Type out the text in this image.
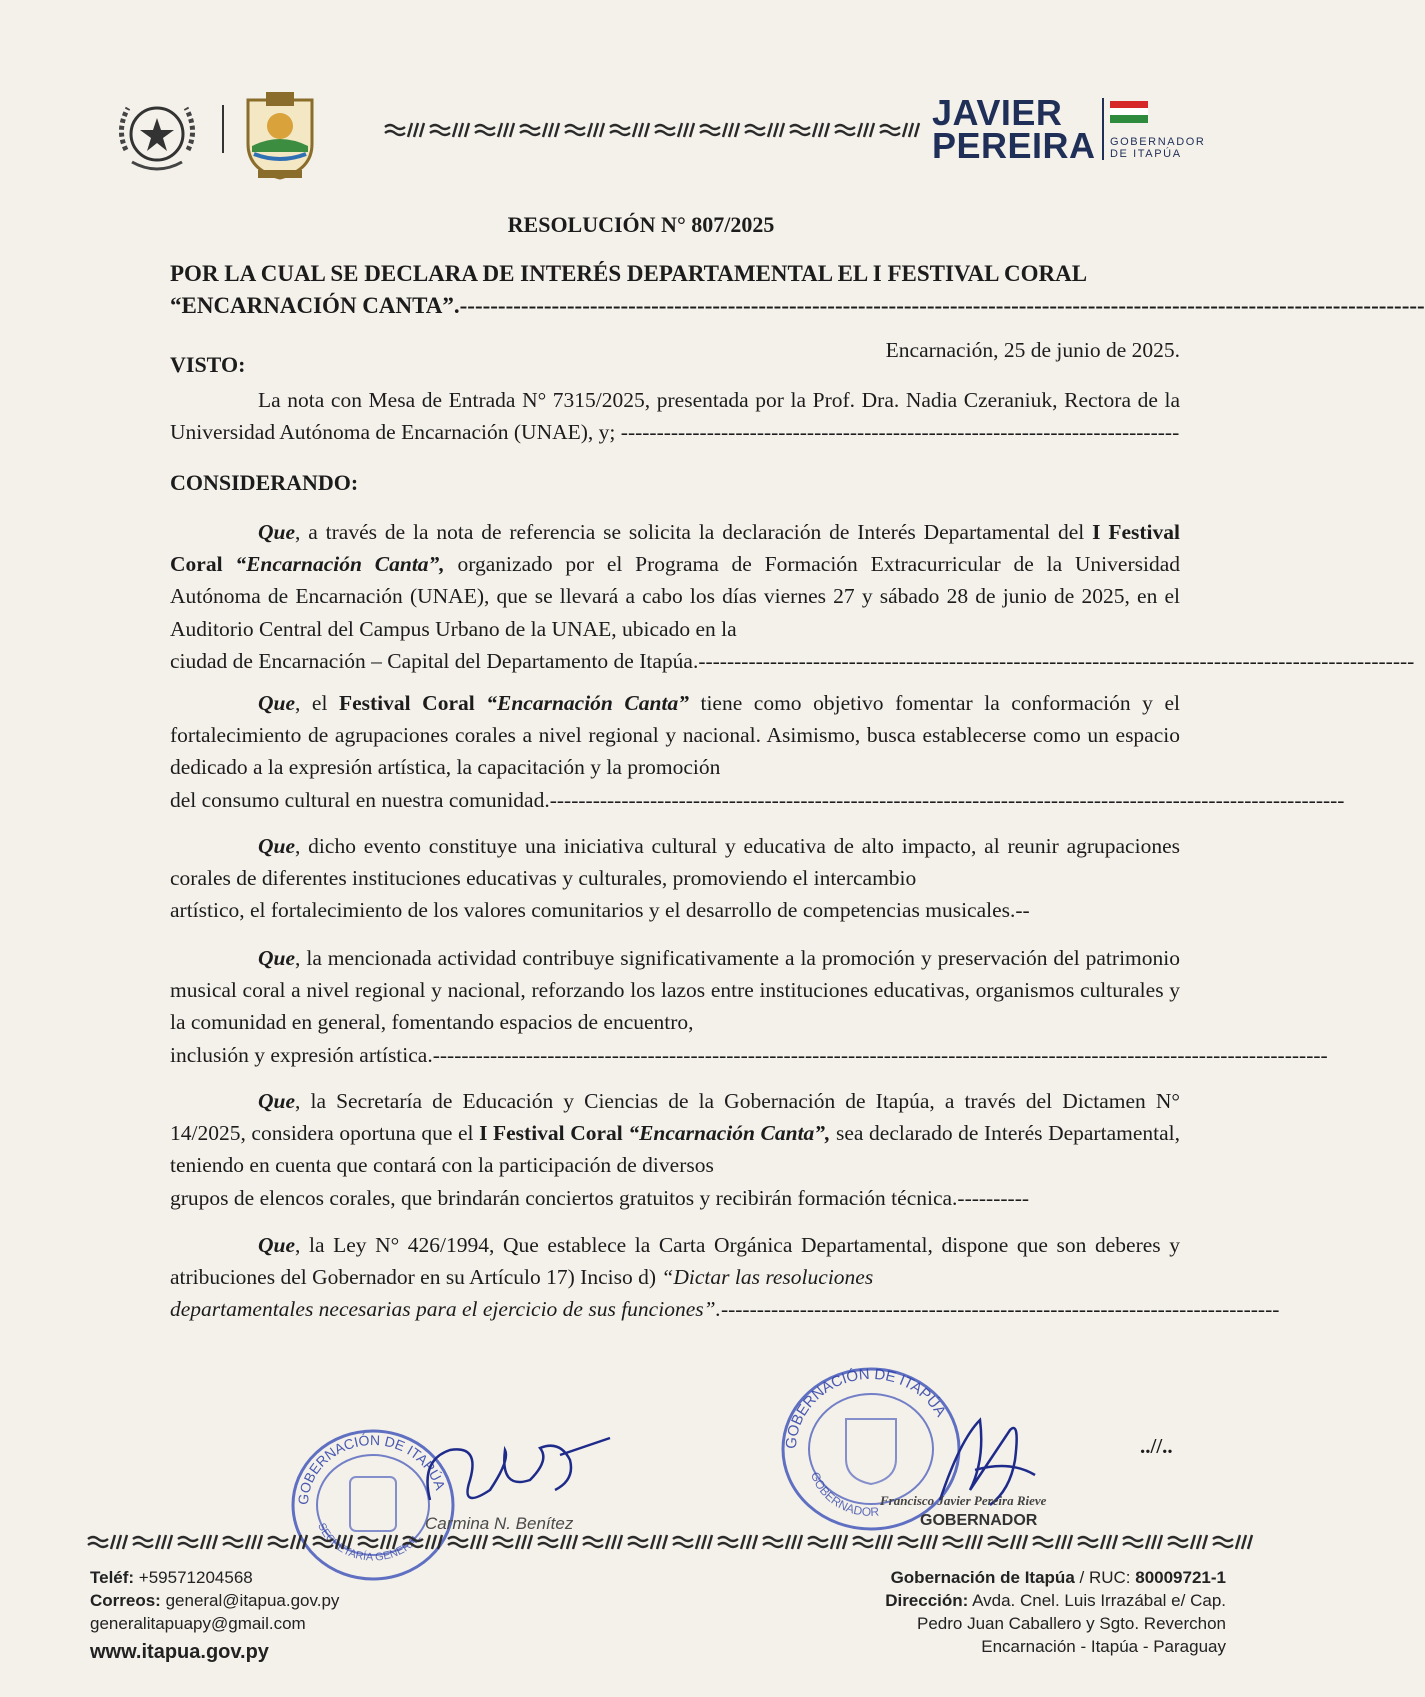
JAVIER
PEREIRA GOBERNADOR
DE ITAPÚA
RESOLUCIÓN N° 807/2025
POR LA CUAL SE DECLARA DE INTERÉS DEPARTAMENTAL EL I FESTIVAL CORAL
“ENCARNACIÓN CANTA”.------------------------------------------------------------------------------------------------------------------------------
Encarnación, 25 de junio de 2025.
VISTO:
La nota con Mesa de Entrada N° 7315/2025, presentada por la Prof. Dra. Nadia Czeraniuk, Rectora de la Universidad Autónoma de Encarnación (UNAE), y; ------------------------------------------------------------------------------
CONSIDERANDO:
Que, a través de la nota de referencia se solicita la declaración de Interés Departamental del I Festival Coral “Encarnación Canta”, organizado por el Programa de Formación Extracurricular de la Universidad Autónoma de Encarnación (UNAE), que se llevará a cabo los días viernes 27 y sábado 28 de junio de 2025, en el Auditorio Central del Campus Urbano de la UNAE, ubicado en la
ciudad de Encarnación – Capital del Departamento de Itapúa.----------------------------------------------------------------------------------------------------
Que, el Festival Coral “Encarnación Canta” tiene como objetivo fomentar la conformación y el fortalecimiento de agrupaciones corales a nivel regional y nacional. Asimismo, busca establecerse como un espacio dedicado a la expresión artística, la capacitación y la promoción
del consumo cultural en nuestra comunidad.---------------------------------------------------------------------------------------------------------------
Que, dicho evento constituye una iniciativa cultural y educativa de alto impacto, al reunir agrupaciones corales de diferentes instituciones educativas y culturales, promoviendo el intercambio
artístico, el fortalecimiento de los valores comunitarios y el desarrollo de competencias musicales.--
Que, la mencionada actividad contribuye significativamente a la promoción y preservación del patrimonio musical coral a nivel regional y nacional, reforzando los lazos entre instituciones educativas, organismos culturales y la comunidad en general, fomentando espacios de encuentro,
inclusión y expresión artística.-----------------------------------------------------------------------------------------------------------------------------
Que, la Secretaría de Educación y Ciencias de la Gobernación de Itapúa, a través del Dictamen N° 14/2025, considera oportuna que el I Festival Coral “Encarnación Canta”, sea declarado de Interés Departamental, teniendo en cuenta que contará con la participación de diversos
grupos de elencos corales, que brindarán conciertos gratuitos y recibirán formación técnica.----------
Que, la Ley N° 426/1994, Que establece la Carta Orgánica Departamental, dispone que son deberes y atribuciones del Gobernador en su Artículo 17) Inciso d) “Dictar las resoluciones
departamentales necesarias para el ejercicio de sus funciones”.------------------------------------------------------------------------------
..//..
GOBERNACIÓN DE ITAPÚA
SECRETARÍA GENERAL
Carmina N. Benítez
GOBERNACIÓN DE ITAPÚA
GOBERNADOR
Francisco Javier Pereira Rieve
GOBERNADOR
Teléf: +59571204568
Correos: general@itapua.gov.py
generalitapuapy@gmail.com
www.itapua.gov.py
Gobernación de Itapúa / RUC: 80009721-1
Dirección: Avda. Cnel. Luis Irrazábal e/ Cap.
Pedro Juan Caballero y Sgto. Reverchon
Encarnación - Itapúa - Paraguay
